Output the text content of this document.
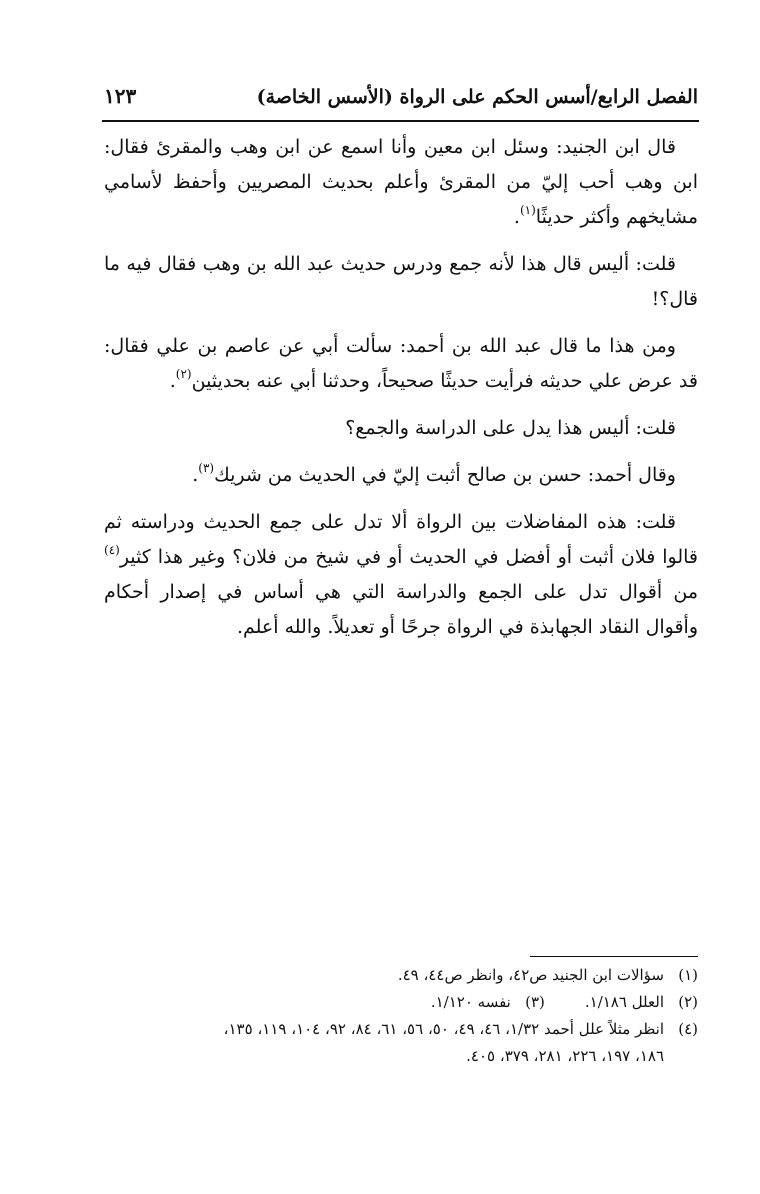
الفصل الرابع/أسس الحكم على الرواة (الأسس الخاصة)
١٢٣

قال ابن الجنيد: وسئل ابن معين وأنا اسمع عن ابن وهب والمقرئ فقال: ابن وهب أحب إليّ من المقرئ وأعلم بحديث المصريين وأحفظ لأسامي مشايخهم وأكثر حديثًا$^{(١)}$.

قلت: أليس قال هذا لأنه جمع ودرس حديث عبد الله بن وهب فقال فيه ما قال؟!

ومن هذا ما قال عبد الله بن أحمد: سألت أبي عن عاصم بن علي فقال: قد عرض علي حديثه فرأيت حديثًا صحيحاً، وحدثنا أبي عنه بحديثين$^{(٢)}$.

قلت: أليس هذا يدل على الدراسة والجمع؟

وقال أحمد: حسن بن صالح أثبت إليّ في الحديث من شريك$^{(٣)}$.

قلت: هذه المفاضلات بين الرواة ألا تدل على جمع الحديث ودراسته ثم قالوا فلان أثبت أو أفضل في الحديث أو في شيخ من فلان؟ وغير هذا كثير$^{(٤)}$ من أقوال تدل على الجمع والدراسة التي هي أساس في إصدار أحكام وأقوال النقاد الجهابذة في الرواة جرحًا أو تعديلاً. والله أعلم.

(١)
سؤالات ابن الجنيد ص٤٢، وانظر ص٤٤، ٤٩.
(٢)
العلل ١/١٨٦.
(٣)
نفسه ١/١٢٠.
(٤)
انظر مثلاً علل أحمد ١/٣٢، ٤٦، ٤٩، ٥٠، ٥٦، ٦١، ٨٤، ٩٢، ١٠٤، ١١٩، ١٣٥،
١٨٦، ١٩٧، ٢٢٦، ٢٨١، ٣٧٩، ٤٠٥.
